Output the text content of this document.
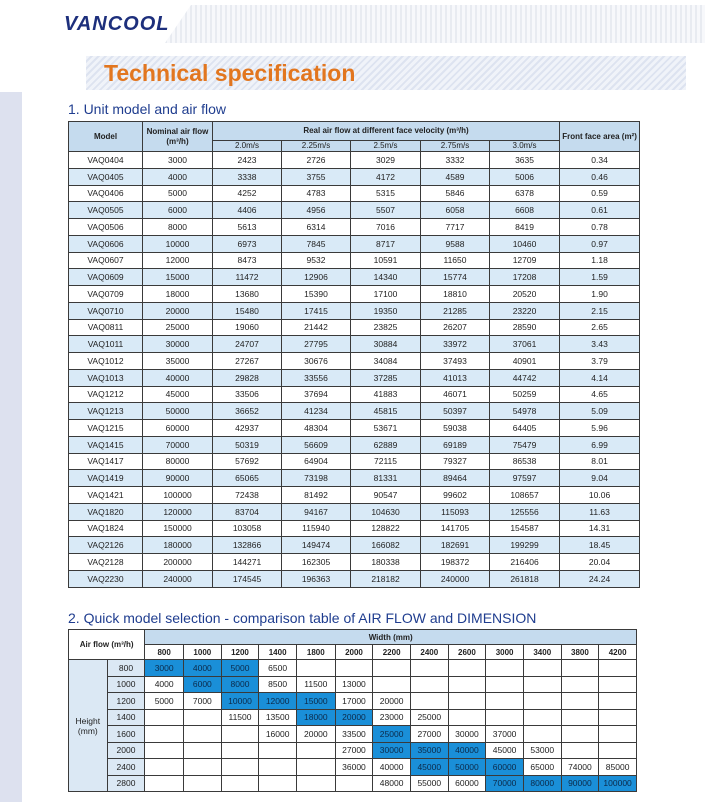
VANCOOL
Technical specification
1. Unit model and air flow
Model	Nominal air flow (m³/h)	Real air flow at different face velocity (m³/h)					Front face area (m²)
		2.0m/s	2.25m/s	2.5m/s	2.75m/s	3.0m/s	
VAQ0404	3000	2423	2726	3029	3332	3635	0.34
VAQ0405	4000	3338	3755	4172	4589	5006	0.46
VAQ0406	5000	4252	4783	5315	5846	6378	0.59
VAQ0505	6000	4406	4956	5507	6058	6608	0.61
VAQ0506	8000	5613	6314	7016	7717	8419	0.78
VAQ0606	10000	6973	7845	8717	9588	10460	0.97
VAQ0607	12000	8473	9532	10591	11650	12709	1.18
VAQ0609	15000	11472	12906	14340	15774	17208	1.59
VAQ0709	18000	13680	15390	17100	18810	20520	1.90
VAQ0710	20000	15480	17415	19350	21285	23220	2.15
VAQ0811	25000	19060	21442	23825	26207	28590	2.65
VAQ1011	30000	24707	27795	30884	33972	37061	3.43
VAQ1012	35000	27267	30676	34084	37493	40901	3.79
VAQ1013	40000	29828	33556	37285	41013	44742	4.14
VAQ1212	45000	33506	37694	41883	46071	50259	4.65
VAQ1213	50000	36652	41234	45815	50397	54978	5.09
VAQ1215	60000	42937	48304	53671	59038	64405	5.96
VAQ1415	70000	50319	56609	62889	69189	75479	6.99
VAQ1417	80000	57692	64904	72115	79327	86538	8.01
VAQ1419	90000	65065	73198	81331	89464	97597	9.04
VAQ1421	100000	72438	81492	90547	99602	108657	10.06
VAQ1820	120000	83704	94167	104630	115093	125556	11.63
VAQ1824	150000	103058	115940	128822	141705	154587	14.31
VAQ2126	180000	132866	149474	166082	182691	199299	18.45
VAQ2128	200000	144271	162305	180338	198372	216406	20.04
VAQ2230	240000	174545	196363	218182	240000	261818	24.24
2. Quick model selection - comparison table of AIR FLOW and DIMENSION
Air flow (m³/h)		Width (mm)												
		800	1000	1200	1400	1800	2000	2200	2400	2600	3000	3400	3800	4200

Height
(mm)	800	3000	4000	5000	6500									
	1000	4000	6000	8000	8500	11500	13000							
	1200	5000	7000	10000	12000	15000	17000	20000						
	1400			11500	13500	18000	20000	23000	25000					
	1600				16000	20000	33500	25000	27000	30000	37000			
	2000						27000	30000	35000	40000	45000	53000		
	2400						36000	40000	45000	50000	60000	65000	74000	85000
	2800							48000	55000	60000	70000	80000	90000	100000
